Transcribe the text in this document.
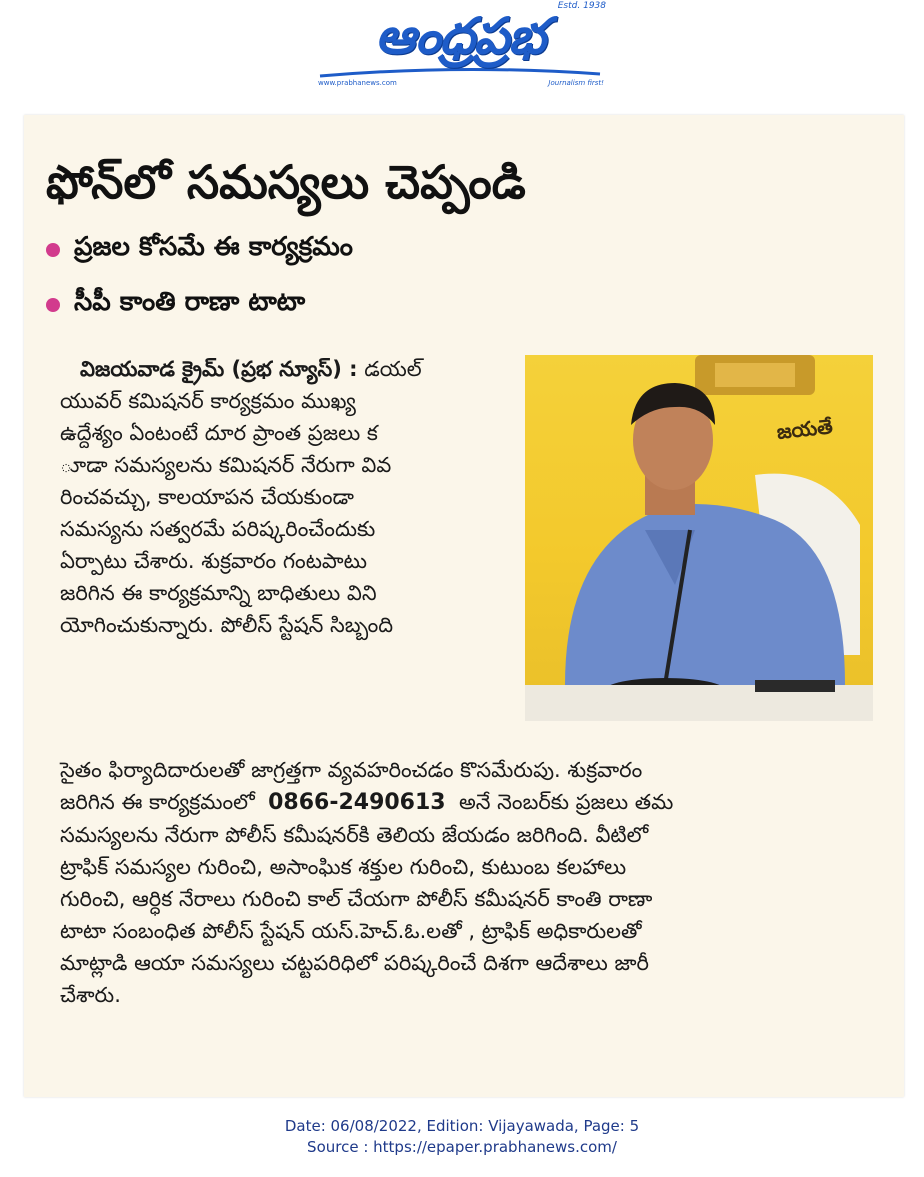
Estd. 1938
ఆంధ్రప్రభ
www.prabhanews.com	Journalism first!
ఫోన్‌లో సమస్యలు చెప్పండి
ప్రజల కోసమే ఈ కార్యక్రమం
సీపీ కాంతి రాణా టాటా
విజయవాడ క్రైమ్ (ప్రభ న్యూస్) : డయల్
యువర్ కమిషనర్ కార్యక్రమం ముఖ్య
ఉద్దేశ్యం ఏంటంటే దూర ప్రాంత ప్రజలు క
ూడా సమస్యలను కమిషనర్ నేరుగా వివ
రించవచ్చు, కాలయాపన చేయకుండా
సమస్యను సత్వరమే పరిష్కరించేందుకు
ఏర్పాటు చేశారు. శుక్రవారం గంటపాటు
జరిగిన ఈ కార్యక్రమాన్ని బాధితులు విని
యోగించుకున్నారు. పోలీస్ స్టేషన్ సిబ్బంది
జయతే
సైతం ఫిర్యాదిదారులతో జాగ్రత్తగా వ్యవహరించడం కొసమేరుపు. శుక్రవారం
జరిగిన ఈ కార్యక్రమంలో 0866-2490613 అనే నెంబర్‌కు ప్రజలు తమ
సమస్యలను నేరుగా పోలీస్ కమీషనర్‌కి తెలియ జేయడం జరిగింది. వీటిలో
ట్రాఫిక్ సమస్యల గురించి, అసాంఘిక శక్తుల గురించి, కుటుంబ కలహాలు
గురించి, ఆర్ధిక నేరాలు గురించి కాల్ చేయగా పోలీస్ కమీషనర్ కాంతి రాణా
టాటా సంబంధిత పోలీస్ స్టేషన్ యస్.హెచ్.ఓ.లతో , ట్రాఫిక్ అధికారులతో
మాట్లాడి ఆయా సమస్యలు చట్టపరిధిలో పరిష్కరించే దిశగా ఆదేశాలు జారీ
చేశారు.
Date: 06/08/2022, Edition: Vijayawada, Page: 5
Source : https://epaper.prabhanews.com/
